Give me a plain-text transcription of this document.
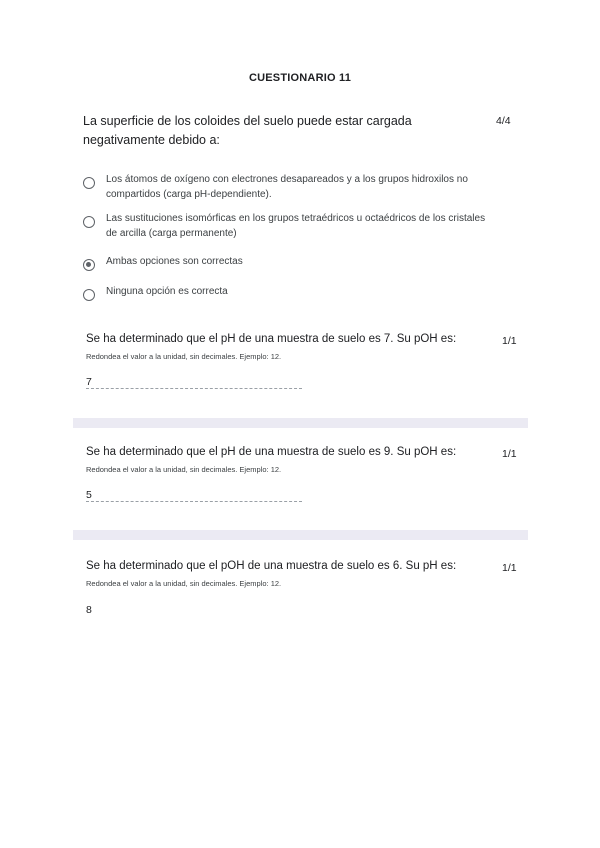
CUESTIONARIO 11
La superficie de los coloides del suelo puede estar cargada negativamente debido a:
4/4
Los átomos de oxígeno con electrones desapareados y a los grupos hidroxilos no compartidos (carga pH-dependiente).
Las sustituciones isomórficas en los grupos tetraédricos u octaédricos de los cristales de arcilla (carga permanente)
Ambas opciones son correctas
Ninguna opción es correcta
Se ha determinado que el pH de una muestra de suelo es 7. Su pOH es:	1/1
Redondea el valor a la unidad, sin decimales. Ejemplo: 12.
7
Se ha determinado que el pH de una muestra de suelo es 9. Su pOH es:	1/1
Redondea el valor a la unidad, sin decimales. Ejemplo: 12.
5
Se ha determinado que el pOH de una muestra de suelo es 6. Su pH es:	1/1
Redondea el valor a la unidad, sin decimales. Ejemplo: 12.
8
